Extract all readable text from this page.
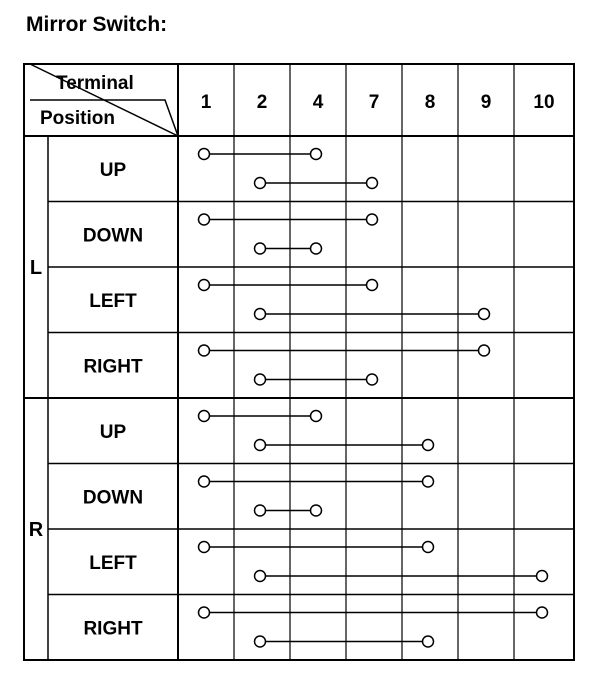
Mirror Switch:
Terminal
Position
1 2 4 7 8 9 10
L
R
UP
DOWN
LEFT
RIGHT
UP
DOWN
LEFT
RIGHT
